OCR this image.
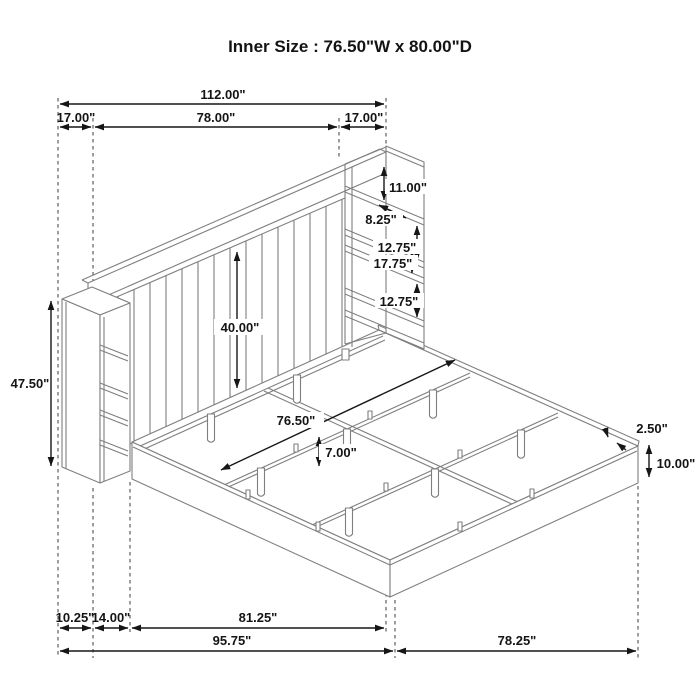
Inner Size : 76.50"W x 80.00"D
112.00"
17.00"	78.00"	17.00"
11.00"
8.25"
12.75"
17.75"
12.75"
47.50"
40.00"
76.50"
7.00"
2.50"
10.00"
10.25"
14.00"	81.25"
95.75"	78.25"
